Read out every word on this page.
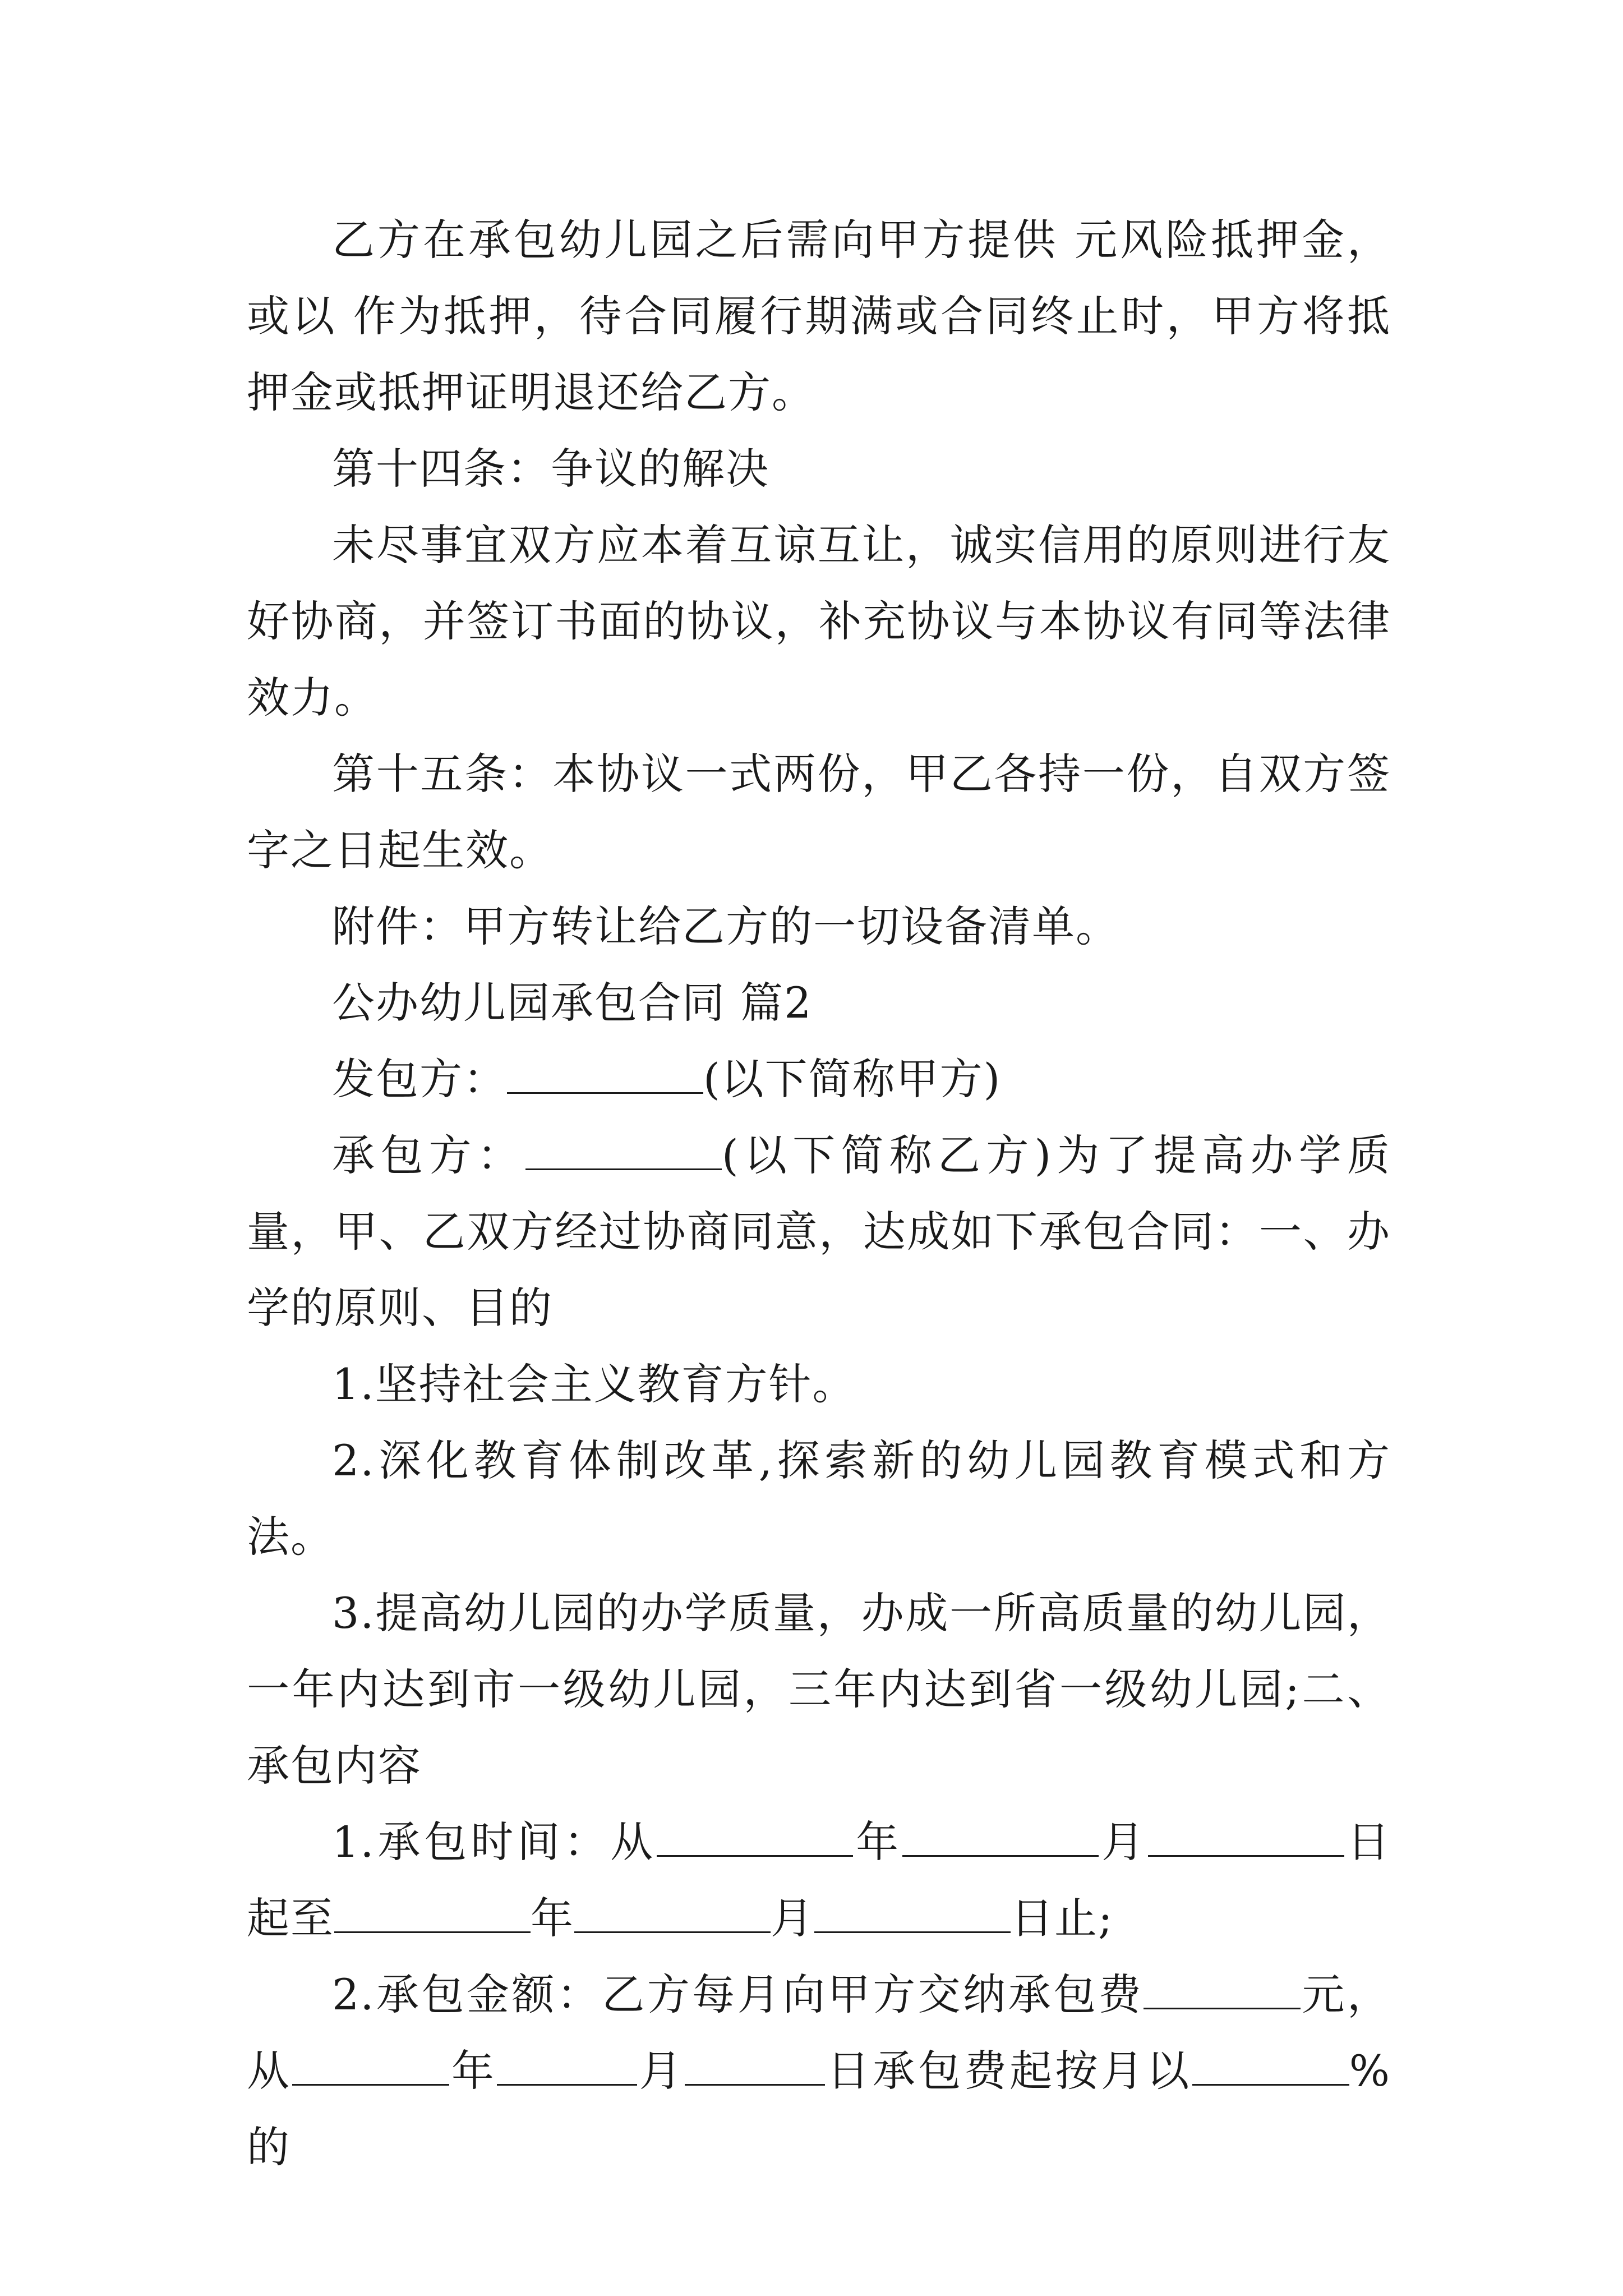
乙方在承包幼儿园之后需向甲方提供 元风险抵押金，或以 作为抵押，待合同履行期满或合同终止时，甲方将抵押金或抵押证明退还给乙方。

第十四条：争议的解决

未尽事宜双方应本着互谅互让，诚实信用的原则进行友好协商，并签订书面的协议，补充协议与本协议有同等法律效力。

第十五条：本协议一式两份，甲乙各持一份，自双方签字之日起生效。

附件：甲方转让给乙方的一切设备清单。

公办幼儿园承包合同 篇2

发包方：	(以下简称甲方)

承包方：	(以下简称乙方)为了提高办学质量，甲、乙双方经过协商同意，达成如下承包合同：一、办学的原则、目的

1.坚持社会主义教育方针。

2.深化教育体制改革,探索新的幼儿园教育模式和方法。

3.提高幼儿园的办学质量，办成一所高质量的幼儿园，一年内达到市一级幼儿园，三年内达到省一级幼儿园;二、承包内容

1.承包时间：从	年	月	日起至	年	月	日止;

2.承包金额：乙方每月向甲方交纳承包费	元，从	年	月	日承包费起按月以	%的
